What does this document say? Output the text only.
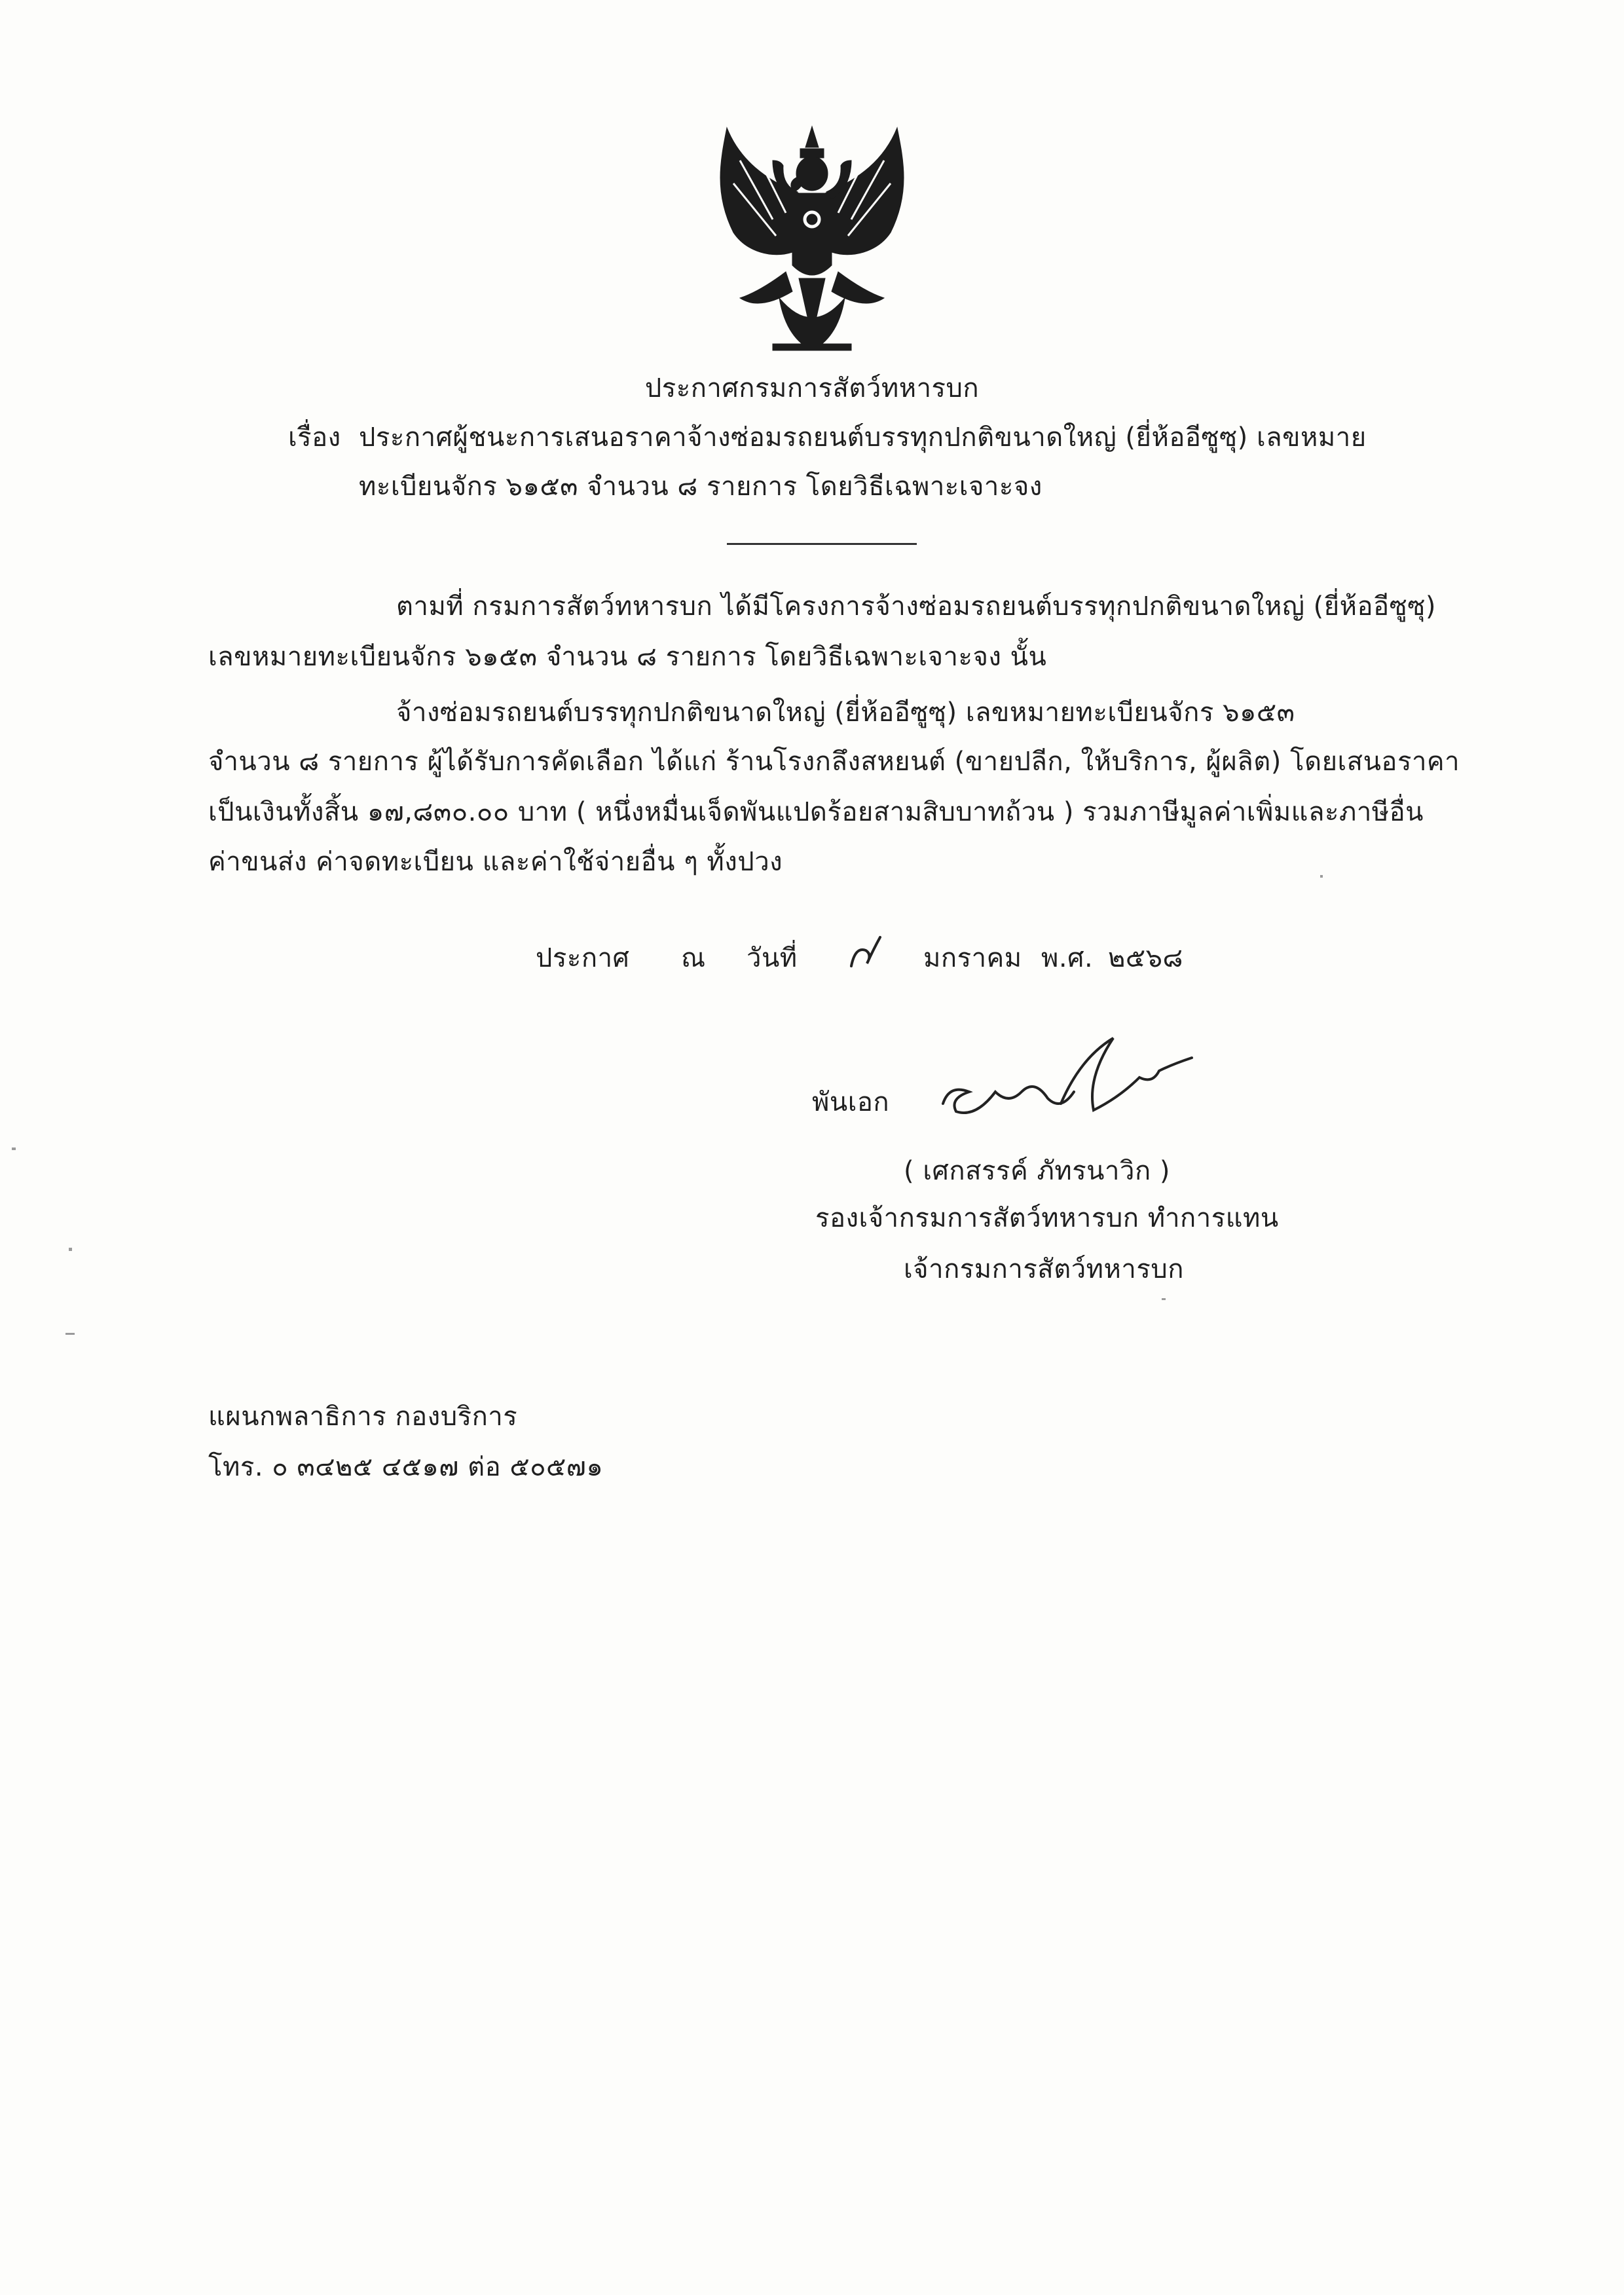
ประกาศกรมการสัตว์ทหารบก
เรื่อง ประกาศผู้ชนะการเสนอราคาจ้างซ่อมรถยนต์บรรทุกปกติขนาดใหญ่ (ยี่ห้ออีซูซุ) เลขหมาย
ทะเบียนจักร ๖๑๕๓ จำนวน ๘ รายการ โดยวิธีเฉพาะเจาะจง
ตามที่ กรมการสัตว์ทหารบก ได้มีโครงการจ้างซ่อมรถยนต์บรรทุกปกติขนาดใหญ่ (ยี่ห้ออีซูซุ)
เลขหมายทะเบียนจักร ๖๑๕๓ จำนวน ๘ รายการ โดยวิธีเฉพาะเจาะจง นั้น
จ้างซ่อมรถยนต์บรรทุกปกติขนาดใหญ่ (ยี่ห้ออีซูซุ) เลขหมายทะเบียนจักร ๖๑๕๓
จำนวน ๘ รายการ ผู้ได้รับการคัดเลือก ได้แก่ ร้านโรงกลึงสหยนต์ (ขายปลีก, ให้บริการ, ผู้ผลิต) โดยเสนอราคา
เป็นเงินทั้งสิ้น ๑๗,๘๓๐.๐๐ บาท ( หนึ่งหมื่นเจ็ดพันแปดร้อยสามสิบบาทถ้วน ) รวมภาษีมูลค่าเพิ่มและภาษีอื่น
ค่าขนส่ง ค่าจดทะเบียน และค่าใช้จ่ายอื่น ๆ ทั้งปวง
ประกาศ ณ วันที่	มกราคม พ.ศ. ๒๕๖๘
พันเอก
( เศกสรรค์ ภัทรนาวิก )
รองเจ้ากรมการสัตว์ทหารบก ทำการแทน
เจ้ากรมการสัตว์ทหารบก
แผนกพลาธิการ กองบริการ
โทร. ๐ ๓๔๒๕ ๔๕๑๗ ต่อ ๕๐๕๗๑
